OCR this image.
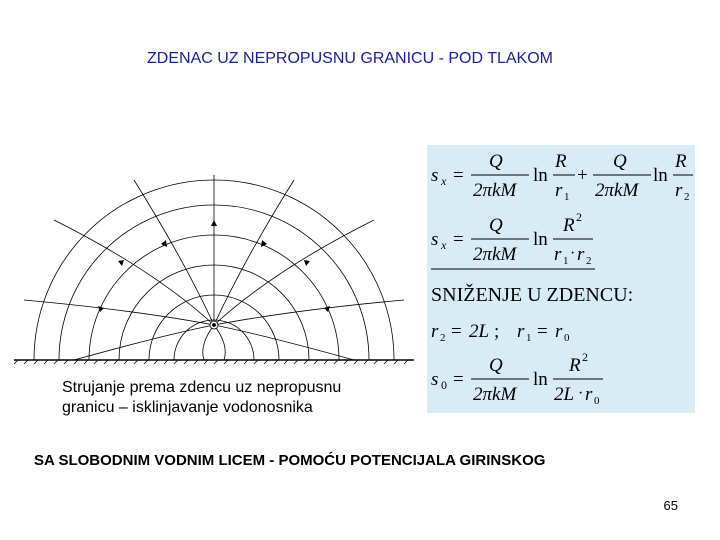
ZDENAC UZ NEPROPUSNU GRANICU - POD TLAKOM
Strujanje prema zdencu uz nepropusnu
granicu – isklinjavanje vodonosnika
s x =
Q
2πkM
ln
R
r 1
+
Q
2πkM
ln
R
r 2
s x =
Q
2πkM
ln
R 2
r 1 · r 2
SNIŽENJE U ZDENCU:
r 2 = 2L ; r 1 = r 0
s 0 =
Q
2πkM
ln
R 2
2L · r 0
SA SLOBODNIM VODNIM LICEM - POMOĆU POTENCIJALA GIRINSKOG
65
